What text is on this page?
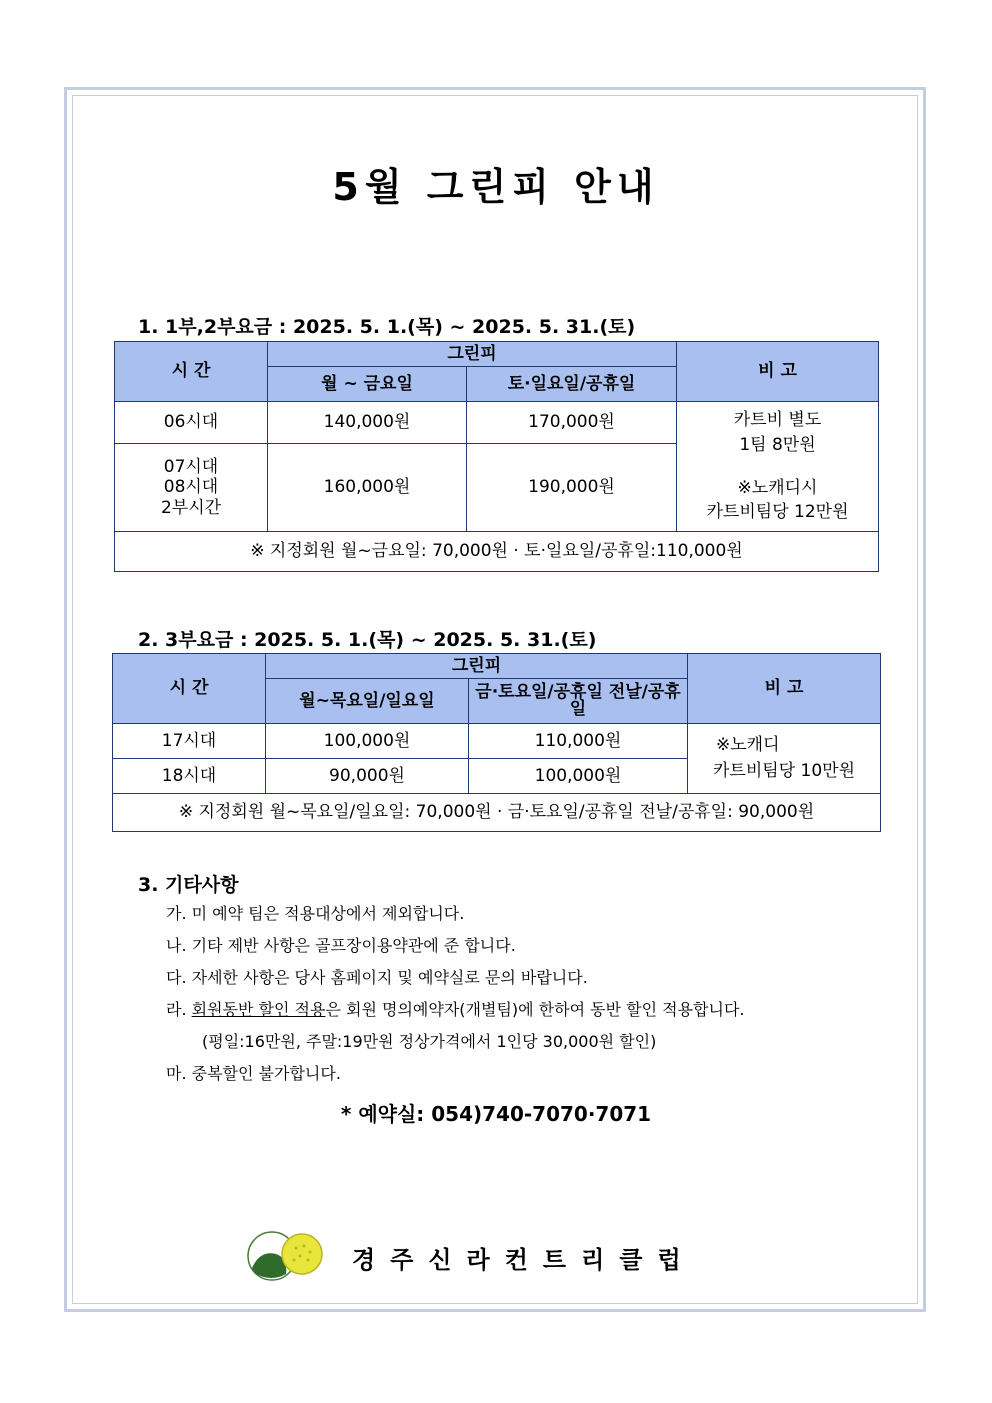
5월 그린피 안내
1. 1부,2부요금 : 2025. 5. 1.(목) ~ 2025. 5. 31.(토)
시 간	그린피		비 고
	월 ~ 금요일	토·일요일/공휴일	
06시대	140,000원	170,000원	카트비 별도
1팀 8만원
※노캐디시
카트비팀당 12만원

07시대
08시대
2부시간	160,000원	190,000원	
※ 지정회원 월~금요일: 70,000원 · 토·일요일/공휴일:110,000원			
2. 3부요금 : 2025. 5. 1.(목) ~ 2025. 5. 31.(토)
시 간	그린피		비 고
	월~목요일/일요일	금·토요일/공휴일 전날/공휴일	
17시대	100,000원	110,000원	※노캐디
카트비팀당 10만원

18시대	90,000원	100,000원	
※ 지정회원 월~목요일/일요일: 70,000원 · 금·토요일/공휴일 전날/공휴일: 90,000원			
3. 기타사항
가. 미 예약 팀은 적용대상에서 제외합니다.
나. 기타 제반 사항은 골프장이용약관에 준 합니다.
다. 자세한 사항은 당사 홈페이지 및 예약실로 문의 바랍니다.
라. 회원동반 할인 적용은 회원 명의예약자(개별팀)에 한하여 동반 할인 적용합니다.
(평일:16만원, 주말:19만원 정상가격에서 1인당 30,000원 할인)
마. 중복할인 불가합니다.
* 예약실: 054)740-7070·7071
경주신라컨트리클럽
